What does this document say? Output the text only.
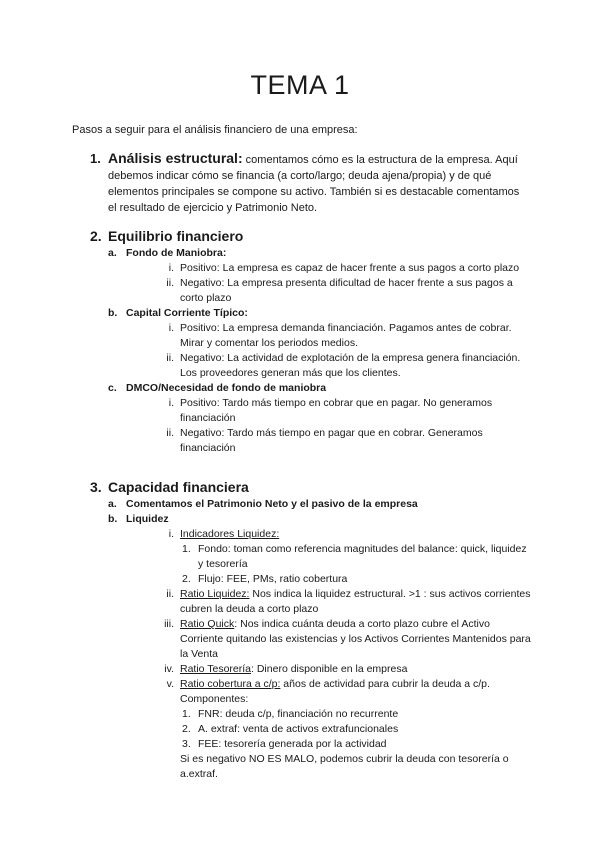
TEMA 1
Pasos a seguir para el análisis financiero de una empresa:
1. Análisis estructural: comentamos cómo es la estructura de la empresa. Aquí debemos indicar cómo se financia (a corto/largo; deuda ajena/propia) y de qué elementos principales se compone su activo. También si es destacable comentamos el resultado de ejercicio y Patrimonio Neto.
2. Equilibrio financiero
a. Fondo de Maniobra:
i. Positivo: La empresa es capaz de hacer frente a sus pagos a corto plazo
ii. Negativo: La empresa presenta dificultad de hacer frente a sus pagos a corto plazo
b. Capital Corriente Típico:
i. Positivo: La empresa demanda financiación. Pagamos antes de cobrar. Mirar y comentar los periodos medios.
ii. Negativo: La actividad de explotación de la empresa genera financiación. Los proveedores generan más que los clientes.
c. DMCO/Necesidad de fondo de maniobra
i. Positivo: Tardo más tiempo en cobrar que en pagar. No generamos financiación
ii. Negativo: Tardo más tiempo en pagar que en cobrar. Generamos financiación
3. Capacidad financiera
a. Comentamos el Patrimonio Neto y el pasivo de la empresa
b. Liquidez
i. Indicadores Liquidez:
1. Fondo: toman como referencia magnitudes del balance: quick, liquidez y tesorería
2. Flujo: FEE, PMs, ratio cobertura
ii. Ratio Liquidez: Nos indica la liquidez estructural. >1 : sus activos corrientes cubren la deuda a corto plazo
iii. Ratio Quick: Nos indica cuánta deuda a corto plazo cubre el Activo Corriente quitando las existencias y los Activos Corrientes Mantenidos para la Venta
iv. Ratio Tesorería: Dinero disponible en la empresa
v. Ratio cobertura a c/p: años de actividad para cubrir la deuda a c/p. Componentes:
1. FNR: deuda c/p, financiación no recurrente
2. A. extraf: venta de activos extrafuncionales
3. FEE: tesorería generada por la actividad
Si es negativo NO ES MALO, podemos cubrir la deuda con tesorería o a.extraf.
